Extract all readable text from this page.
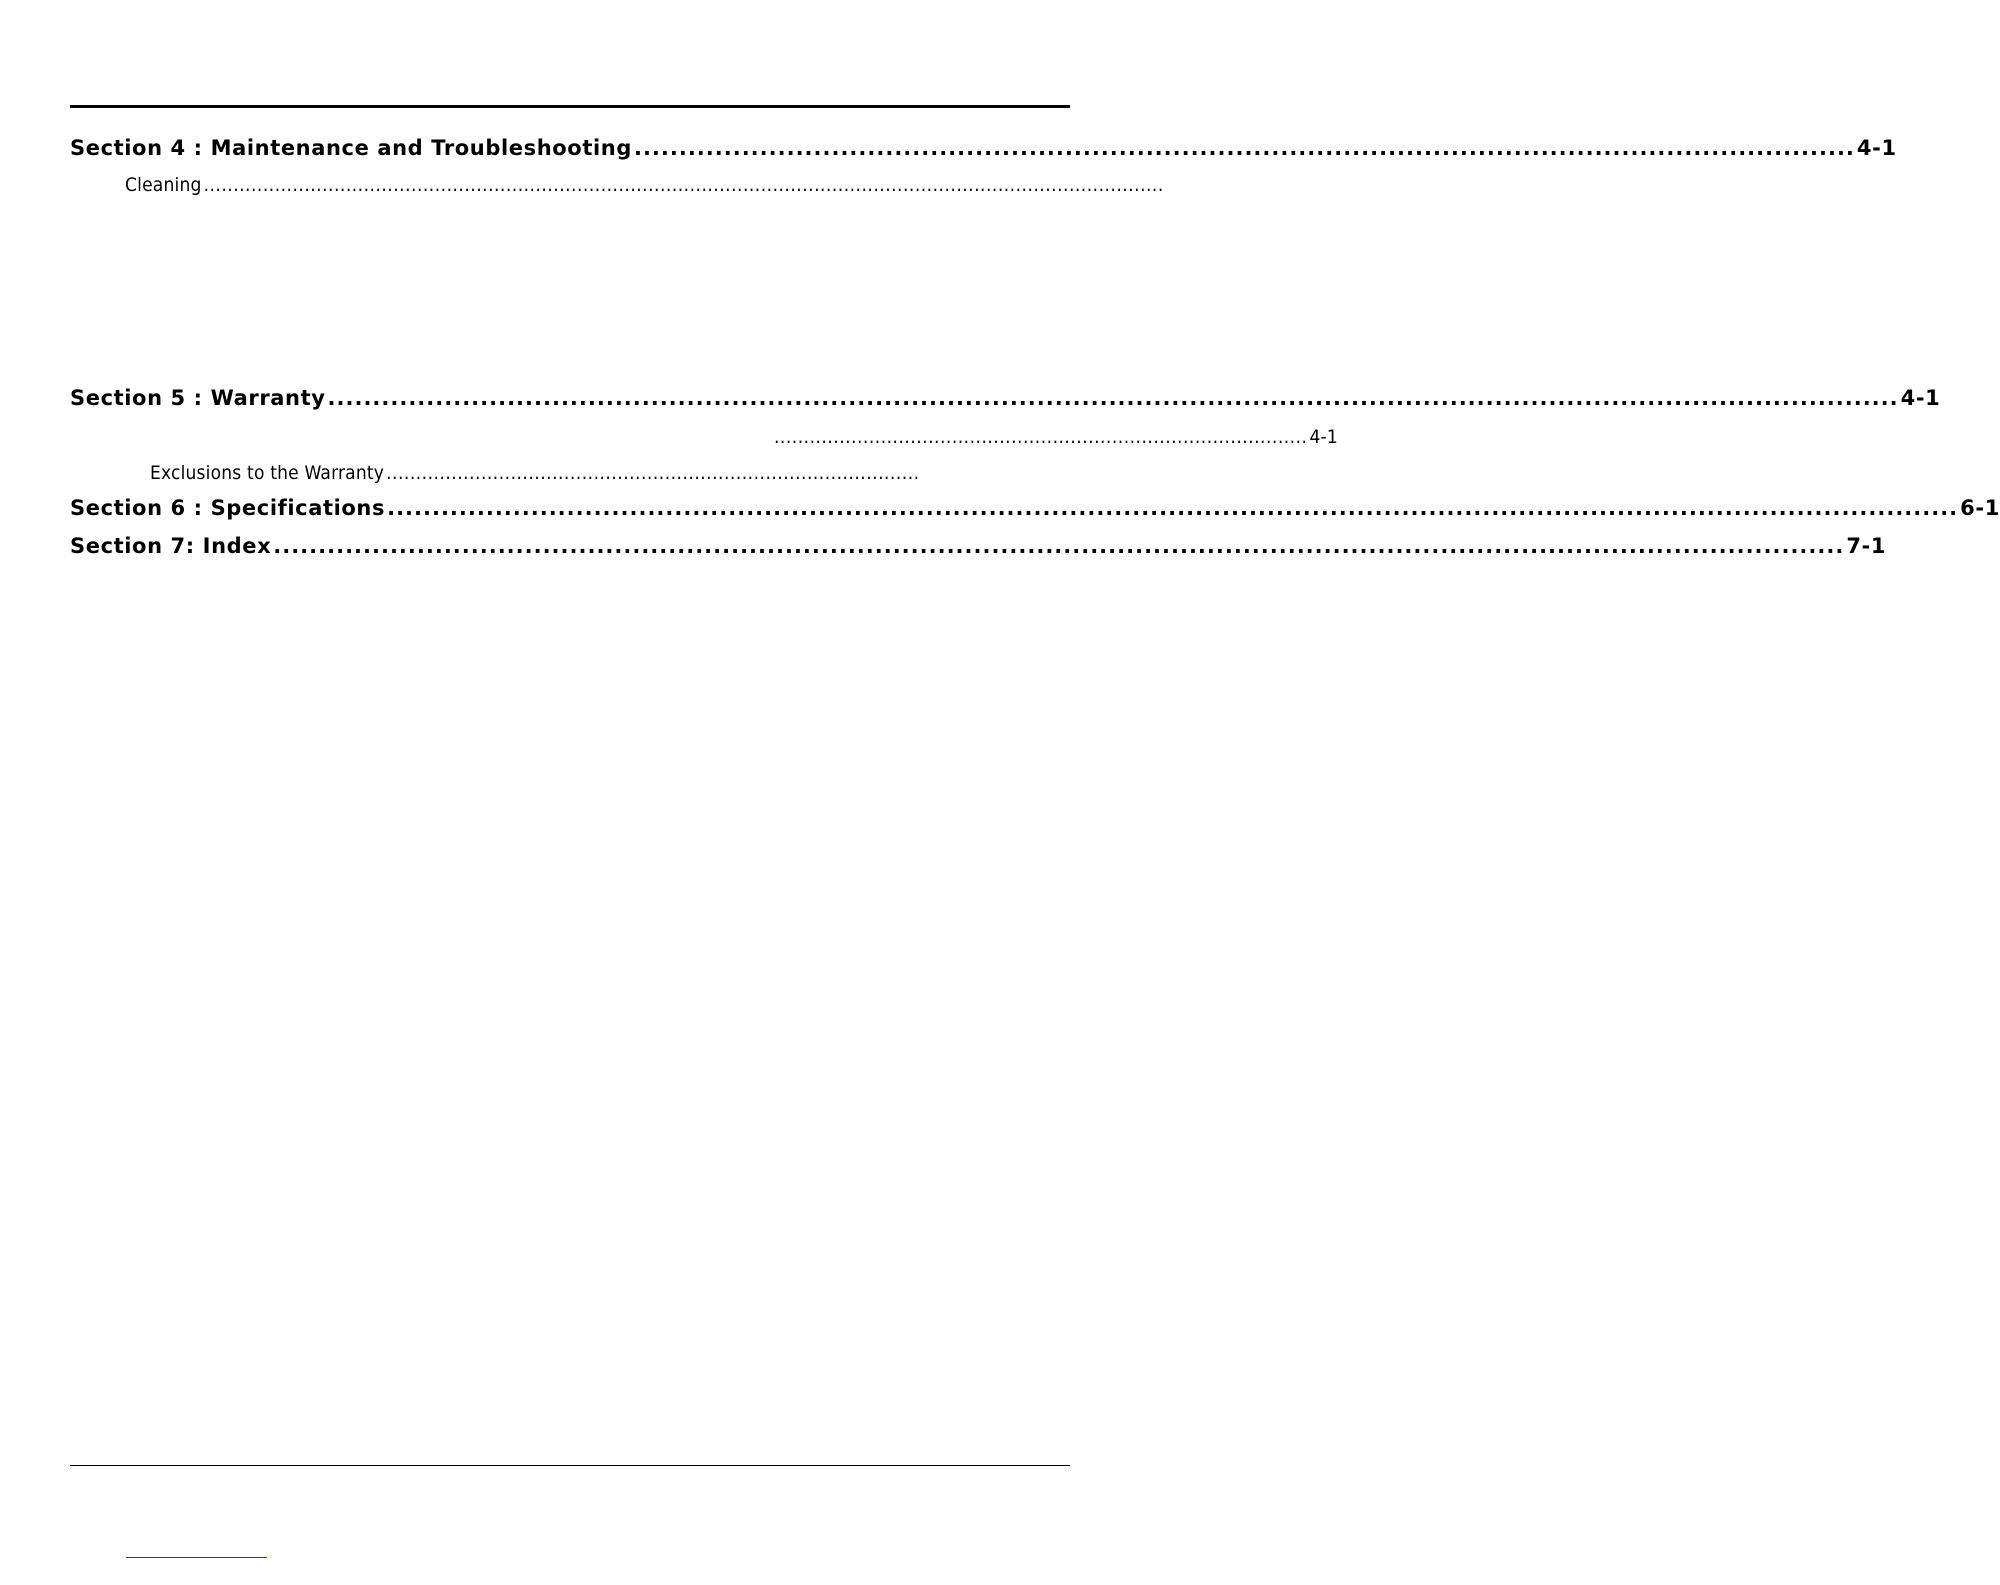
Section 4 : Maintenance and Troubleshooting ........................................................................................................................................ 4-1
Cleaning ..................................................................................................................................................................
Section 5 : Warranty ............................................................................................................................................................................... 4-1
.......................................................................................... 4-1
Exclusions to the Warranty ..........................................................................................
Section 6 : Specifications ............................................................................................................................................................................... 6-1
Section 7: Index ............................................................................................................................................................................... 7-1
